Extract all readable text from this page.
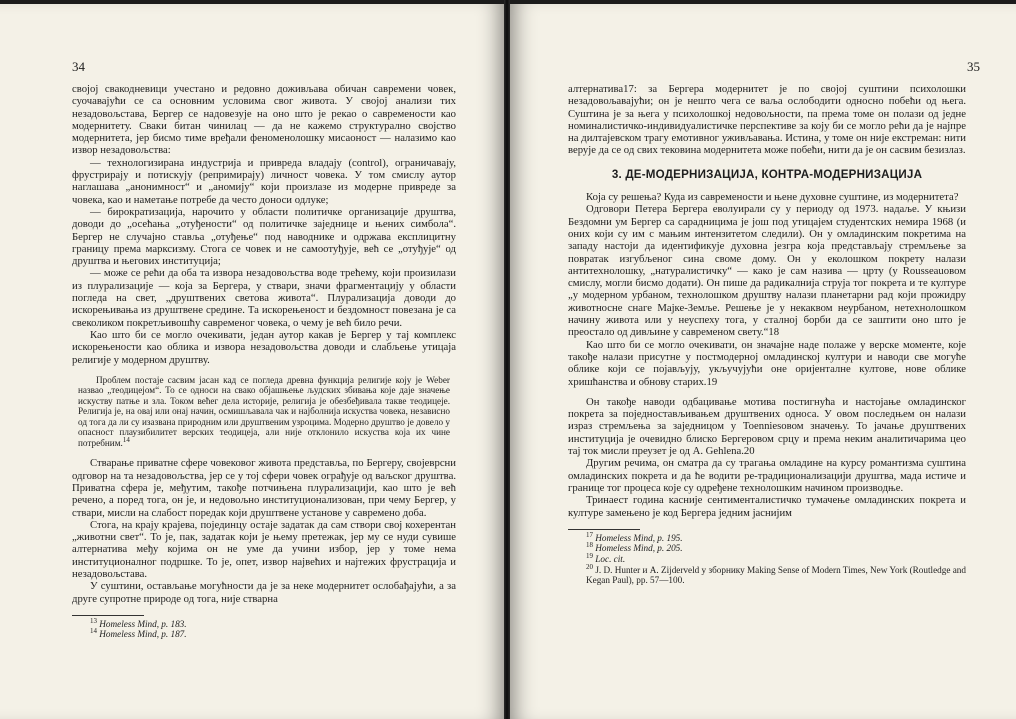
34

својој свакодневици учестано и редовно доживљава обичан савремени човек, суочавајући се са основним условима свог живота. У својој анализи тих незадовољстава, Бергер се надовезује на оно што је рекао о савремености као модернитету. Сваки битан чинилац — да не кажемо структурално својство модернитета, јер бисмо тиме вређали феноменолошку мисаоност — налазимо као извор незадовољства:

— технологизирана индустрија и привреда владају (control), ограничавају, фрустрирају и потискују (репримирају) личност човека. У том смислу аутор наглашава „анонимност“ и „аномију“ који произлазе из модерне привреде за човека, као и наметање потребе да често доноси одлуке;

— бирократизација, нарочито у области политичке организације друштва, доводи до „осећања „отуђености“ од политичке заједнице и њених симбола“. Бергер не случајно ставља „отуђење“ под наводнике и одржава експлицитну границу према марксизму. Стога се човек и не самоотуђује, већ се „отуђује“ од друштва и његових институција;

— може се рећи да оба та извора незадовољства воде трећему, који произилази из плурализације — која за Бергера, у ствари, значи фрагментацију у области погледа на свет, „друштвених светова живота“. Плурализација доводи до искорењивања из друштвене средине. Та искорењеност и бездомност повезана је са свеколиком покретљивошћу савременог човека, о чему је већ било речи.

Као што би се могло очекивати, један аутор какав је Бергер у тај комплекс искорењености као облика и извора незадовољства доводи и слабљење утицаја религије у модерном друштву.

Проблем постаје сасвим јасан кад се погледа древна функција религије коју је Weber назвао „теодицејом“. То се односи на свако објашњење људских збивања које даје значење искуству патње и зла. Током већег дела историје, религија је обезбеђивала такве теодицеје. Религија је, на овај или онај начин, осмишљавала чак и најболнија искуства човека, независно од тога да ли су изазвана природним или друштвеним узроцима. Модерно друштво је довело у опасност плаузибилитет верских теодицеја, али није отклонило искуства која их чине потребним.$^{14}$

Стварање приватне сфере човековог живота представља, по Бергеру, својеврсни одговор на та незадовољства, јер се у тој сфери човек ограђује од ваљског друштва. Приватна сфера је, међутим, такође потчињена плурализацији, као што је већ речено, а поред тога, он је, и недовољно институционализован, при чему Бергер, у ствари, мисли на слабост поредак који друштвене установе у савремено доба.

Стога, на крају крајева, појединцу остаје задатак да сам створи свој кохерентан „животни свет“. То је, пак, задатак који је њему претежак, јер му се нуди сувише алтернатива међу којима он не уме да учини избор, јер у томе нема институционалног подршке. То је, опет, извор највећих и најтежих фрустрација и незадовољстава.

У суштини, остављање могућности да је за неке модернитет ослобађајући, а за друге супротне природе од тога, није стварна

$^{13}$ Homeless Mind, p. 183.

$^{14}$ Homeless Mind, p. 187.

35

алтернатива17: за Бергера модернитет је по својој суштини психолошки незадовољавајући; он је нешто чега се ваља ослободити односно побећи од њега. Суштина је за њега у психолошкој недовољности, па према томе он полази од једне номиналистичко-индивидуалистичке перспективе за коју би се могло рећи да је најпре на дилтајевском трагу емотивног уживљавања. Истина, у томе он није екстреман: нити верује да се од свих тековина модернитета може побећи, нити да је он сасвим безизлаз.

3. ДЕ-МОДЕРНИЗАЦИЈА, КОНТРА-МОДЕРНИЗАЦИЈА

Која су решења? Куда из савремености и њене духовне суштине, из модернитета?

Одговори Петера Бергера еволуирали су у периоду од 1973. надаље. У књизи Бездомни ум Бергер са сарадницима је још под утицајем студентских немира 1968 (и оних који су им с мањим интензитетом следили). Он у омладинским покретима на западу настоји да идентификује духовна језгра која представљају стремљење за повратак изгубљеног сина своме дому. Он у еколошком покрету налази антитехнолошку, „натуралистичку“ — како је сам назива — црту (у Rousseauовом смислу, могли бисмо додати). Он пише да радикалнија струја тог покрета и те културе „у модерном урбаном, технолошком друштву налази планетарни рад који прожидру животносне снаге Мајке-Земље. Решење је у некаквом неурбаном, нетехнолошком начину живота или у неуспеху тога, у сталној борби да се заштити оно што је преостало од дивљине у савременом свету.“18

Као што би се могло очекивати, он значајне наде полаже у верске моменте, које такође налази присутне у постмодерној омладинској култури и наводи све могуће облике који се појављују, укључујући оне оријенталне култове, нове облике хришћанства и обнову старих.19

Он такође наводи одбацивање мотива постигнућа и настојање омладинског покрета за поједностављивањем друштвених односа. У овом последњем он налази израз стремљења за заједницом у Toenniesовом значењу. То јачање друштвених институција је очевидно блиско Бергеровом срцу и према неким аналитичарима цео тај ток мисли преузет је од A. Gehlena.20

Другим речима, он сматра да су трагања омладине на курсу романтизма суштина омладинских покрета и да ће водити ре-традиционализацији друштва, мада истиче и границе тог процеса које су одређене технолошким начином производње.

Тринаест година касније сентименталистичко тумачење омладинских покрета и културе замењено је код Бергера једним јаснијим

$^{17}$ Homeless Mind, p. 195.

$^{18}$ Homeless Mind, p. 205.

$^{19}$ Loc. cit.

$^{20}$ J. D. Hunter и A. Zijderveld у зборнику Making Sense of Modern Times, New York (Routledge and Kegan Paul), pp. 57—100.
